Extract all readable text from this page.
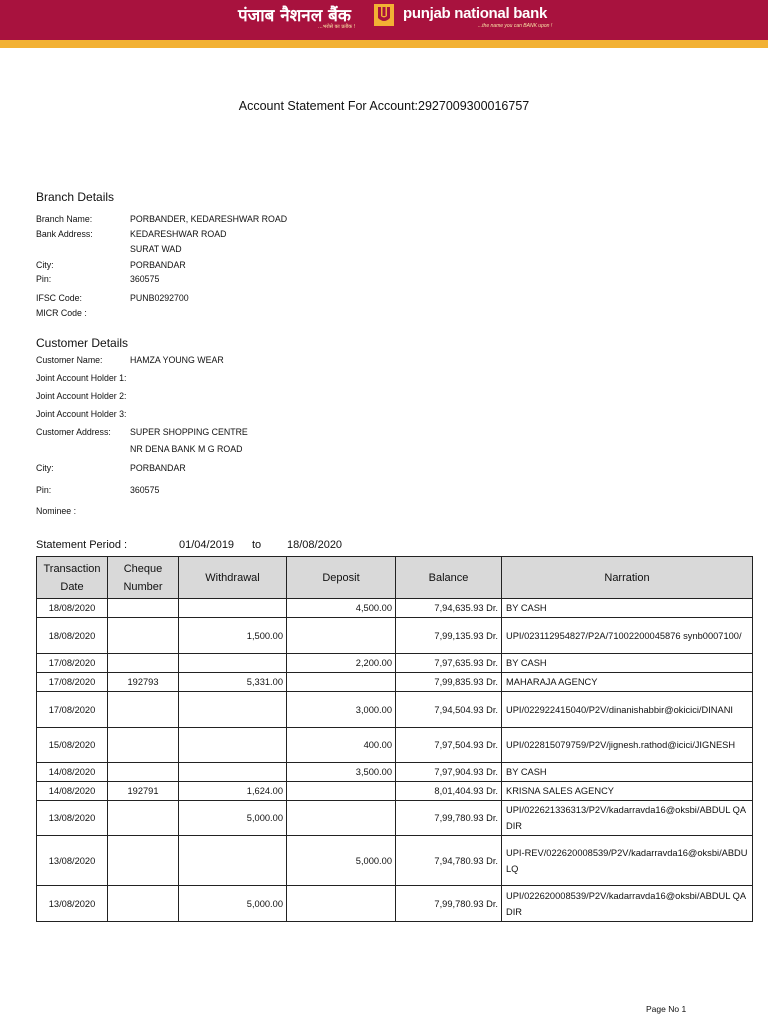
पंजाब नैशनल बैंक
...भरोसे का प्रतीक !
punjab national bank
...the name you can BANK upon !
Account Statement For Account:2927009300016757
Branch Details
Branch Name:	PORBANDER, KEDARESHWAR ROAD
Bank Address:	KEDARESHWAR ROAD
SURAT WAD
City:	PORBANDAR
Pin:	360575
IFSC Code:	PUNB0292700
MICR Code :
Customer Details
Customer Name:	HAMZA YOUNG WEAR
Joint Account Holder 1:
Joint Account Holder 2:
Joint Account Holder 3:
Customer Address: SUPER SHOPPING CENTRE
NR DENA BANK M G ROAD
City:	PORBANDAR
Pin:	360575
Nominee :
Statement Period :	01/04/2019 to 18/08/2020
Transaction
Date	Cheque
Number	Withdrawal	Deposit	Balance	Narration
18/08/2020			4,500.00	7,94,635.93 Dr.	BY CASH
18/08/2020		1,500.00		7,99,135.93 Dr.	UPI/023112954827/P2A/71002200045876 synb0007100/
17/08/2020			2,200.00	7,97,635.93 Dr.	BY CASH
17/08/2020	192793	5,331.00		7,99,835.93 Dr.	MAHARAJA AGENCY
17/08/2020			3,000.00	7,94,504.93 Dr.	UPI/022922415040/P2V/dinanishabbir@okicici/DINANI
15/08/2020			400.00	7,97,504.93 Dr.	UPI/022815079759/P2V/jignesh.rathod@icici/JIGNESH
14/08/2020			3,500.00	7,97,904.93 Dr.	BY CASH
14/08/2020	192791	1,624.00		8,01,404.93 Dr.	KRISNA SALES AGENCY
13/08/2020		5,000.00		7,99,780.93 Dr.	UPI/022621336313/P2V/kadarravda16@oksbi/ABDUL QADIR
13/08/2020			5,000.00	7,94,780.93 Dr.	UPI-REV/022620008539/P2V/kadarravda16@oksbi/ABDULQ
13/08/2020		5,000.00		7,99,780.93 Dr.	UPI/022620008539/P2V/kadarravda16@oksbi/ABDUL QADIR
Page No 1
